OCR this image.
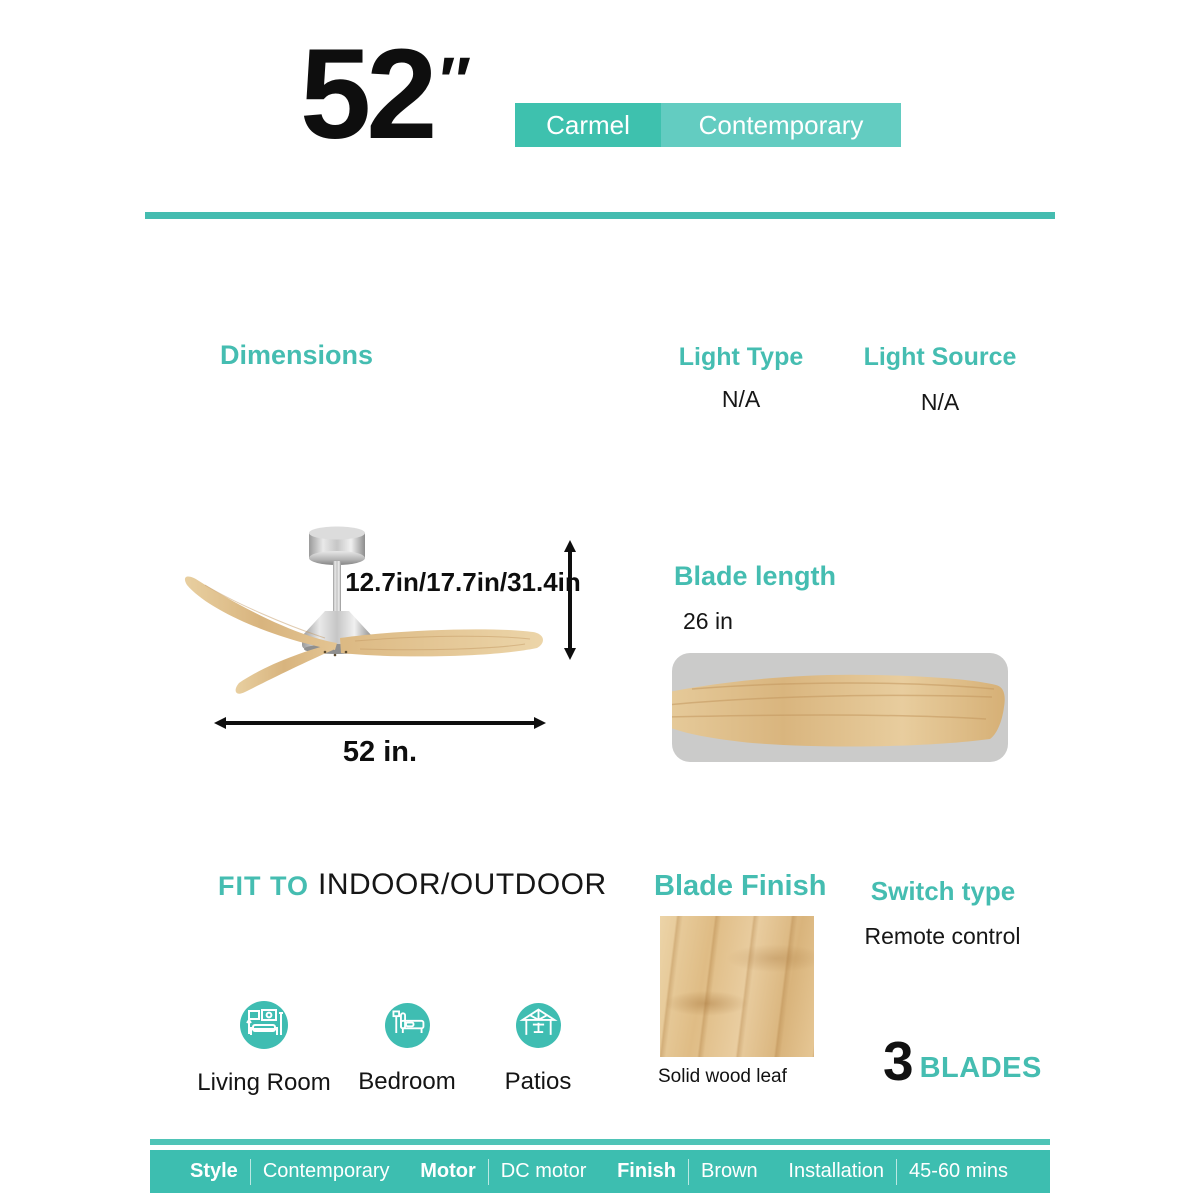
52 ″
Carmel	Contemporary
Dimensions	Light Type
N/A
Light Source
N/A
12.7in/17.7in/31.4in
52 in.
Blade length
26 in
FIT TO INDOOR/OUTDOOR
Living Room	Bedroom	Patios
Blade Finish
Solid wood leaf
Switch type
Remote control
3 BLADES
Style Contemporary Motor DC motor Finish Brown Installation 45-60 mins
